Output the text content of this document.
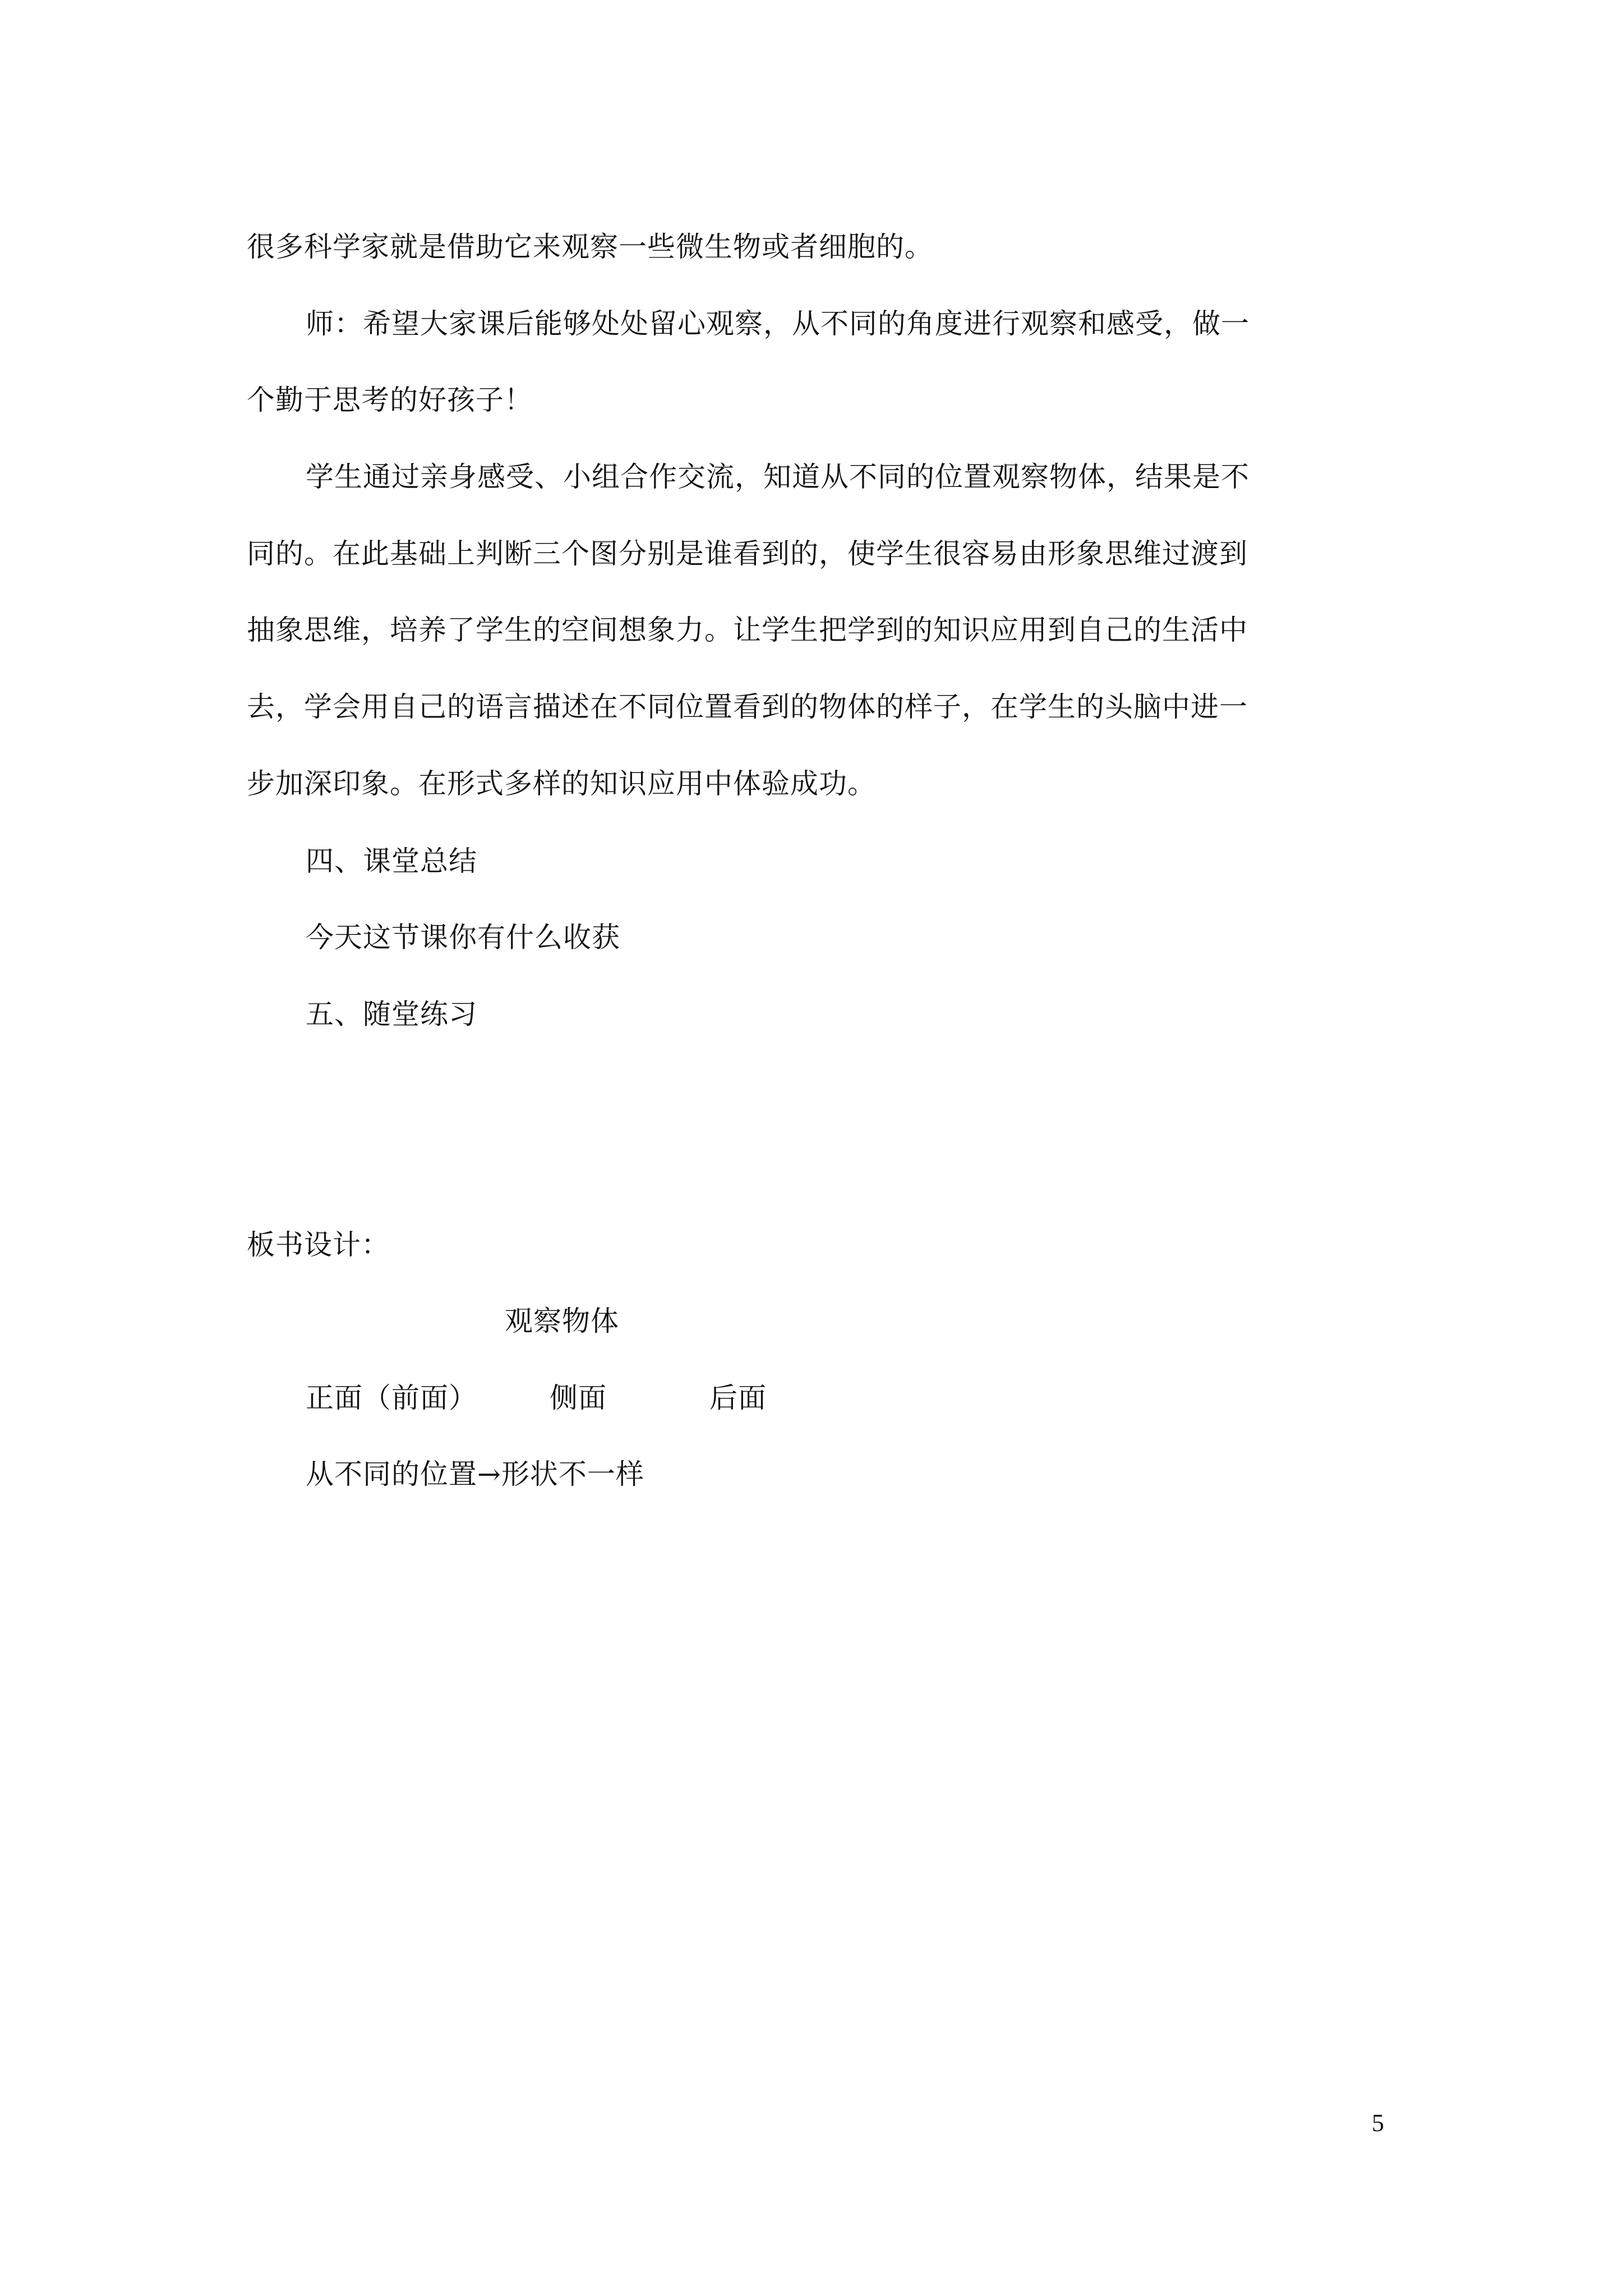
很多科学家就是借助它来观察一些微生物或者细胞的。
师：希望大家课后能够处处留心观察，从不同的角度进行观察和感受，做一
个勤于思考的好孩子！
学生通过亲身感受、小组合作交流，知道从不同的位置观察物体，结果是不
同的。在此基础上判断三个图分别是谁看到的，使学生很容易由形象思维过渡到
抽象思维，培养了学生的空间想象力。让学生把学到的知识应用到自己的生活中
去，学会用自己的语言描述在不同位置看到的物体的样子，在学生的头脑中进一
步加深印象。在形式多样的知识应用中体验成功。
四、课堂总结
今天这节课你有什么收获
五、随堂练习
板书设计：
观察物体
正面（前面）	侧面	后面
从不同的位置→形状不一样
5
